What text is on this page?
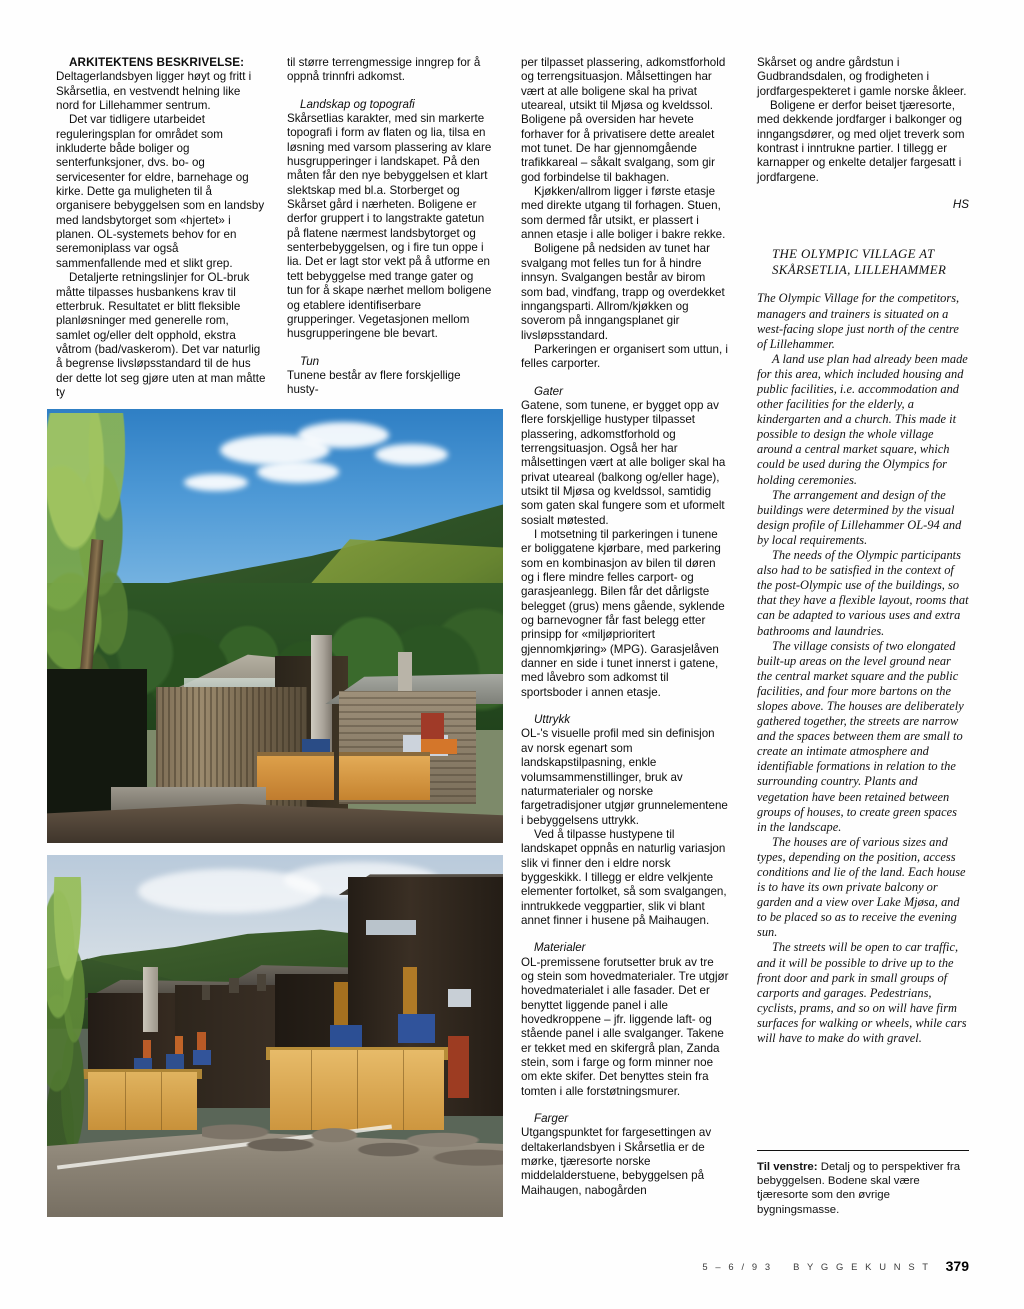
ARKITEKTENS BESKRIVELSE:

Deltagerlandsbyen ligger høyt og fritt i Skårsetlia, en vestvendt helning like nord for Lillehammer sentrum.

Det var tidligere utarbeidet reguleringsplan for området som inkluderte både boliger og senterfunksjoner, dvs. bo- og servicesenter for eldre, barnehage og kirke. Dette ga muligheten til å organisere bebyggelsen som en landsby med landsbytorget som «hjertet» i planen. OL-systemets behov for en seremoniplass var også sammenfallende med et slikt grep.

Detaljerte retningslinjer for OL-bruk måtte tilpasses husbankens krav til etterbruk. Resultatet er blitt fleksible planløsninger med generelle rom, samlet og/eller delt opphold, ekstra våtrom (bad/vaskerom). Det var naturlig å begrense livsløpsstandard til de hus der dette lot seg gjøre uten at man måtte ty

til større terrengmessige inngrep for å oppnå trinnfri adkomst.

Landskap og topografi

Skårsetlias karakter, med sin markerte topografi i form av flaten og lia, tilsa en løsning med varsom plassering av klare husgrupperinger i landskapet. På den måten får den nye bebyggelsen et klart slektskap med bl.a. Storberget og Skårset gård i nærheten. Boligene er derfor gruppert i to langstrakte gatetun på flatene nærmest landsbytorget og senterbebyggelsen, og i fire tun oppe i lia. Det er lagt stor vekt på å utforme en tett bebyggelse med trange gater og tun for å skape nærhet mellom boligene og etablere identifiserbare grupperinger. Vegetasjonen mellom husgrupperingene ble bevart.

Tun

Tunene består av flere forskjellige husty-

per tilpasset plassering, adkomstforhold og terrengsituasjon. Målsettingen har vært at alle boligene skal ha privat uteareal, utsikt til Mjøsa og kveldssol. Boligene på oversiden har hevete forhaver for å privatisere dette arealet mot tunet. De har gjennomgående trafikkareal – såkalt svalgang, som gir god forbindelse til bakhagen.

Kjøkken/allrom ligger i første etasje med direkte utgang til forhagen. Stuen, som dermed får utsikt, er plassert i annen etasje i alle boliger i bakre rekke.

Boligene på nedsiden av tunet har svalgang mot felles tun for å hindre innsyn. Svalgangen består av birom som bad, vindfang, trapp og overdekket inngangsparti. Allrom/kjøkken og soverom på inngangsplanet gir livsløpsstandard.

Parkeringen er organisert som uttun, i felles carporter.

Gater

Gatene, som tunene, er bygget opp av flere forskjellige hustyper tilpasset plassering, adkomstforhold og terrengsituasjon. Også her har målsettingen vært at alle boliger skal ha privat uteareal (balkong og/eller hage), utsikt til Mjøsa og kveldssol, samtidig som gaten skal fungere som et uformelt sosialt møtested.

I motsetning til parkeringen i tunene er boliggatene kjørbare, med parkering som en kombinasjon av bilen til døren og i flere mindre felles carport- og garasjeanlegg. Bilen får det dårligste belegget (grus) mens gående, syklende og barnevogner får fast belegg etter prinsipp for «miljøprioritert gjennomkjøring» (MPG). Garasjelåven danner en side i tunet innerst i gatene, med låvebro som adkomst til sportsboder i annen etasje.

Uttrykk

OL-'s visuelle profil med sin definisjon av norsk egenart som landskapstilpasning, enkle volumsammenstillinger, bruk av naturmaterialer og norske fargetradisjoner utgjør grunnelementene i bebyggelsens uttrykk.

Ved å tilpasse hustypene til landskapet oppnås en naturlig variasjon slik vi finner den i eldre norsk byggeskikk. I tillegg er eldre velkjente elementer fortolket, så som svalgangen, inntrukkede veggpartier, slik vi blant annet finner i husene på Maihaugen.

Materialer

OL-premissene forutsetter bruk av tre og stein som hovedmaterialer. Tre utgjør hovedmaterialet i alle fasader. Det er benyttet liggende panel i alle hovedkroppene – jfr. liggende laft- og stående panel i alle svalganger. Takene er tekket med en skifergrå plan, Zanda stein, som i farge og form minner noe om ekte skifer. Det benyttes stein fra tomten i alle forstøtningsmurer.

Farger

Utgangspunktet for fargesettingen av deltakerlandsbyen i Skårsetlia er de mørke, tjæresorte norske middelalderstuene, bebyggelsen på Maihaugen, nabogården

Skårset og andre gårdstun i Gudbrandsdalen, og frodigheten i jordfargespekteret i gamle norske åkleer.

Boligene er derfor beiset tjæresorte, med dekkende jordfarger i balkonger og inngangsdører, og med oljet treverk som kontrast i inntrukne partier. I tillegg er karnapper og enkelte detaljer fargesatt i jordfargene.

HS

THE OLYMPIC VILLAGE AT

SKÅRSETLIA, LILLEHAMMER

The Olympic Village for the competitors, managers and trainers is situated on a west-facing slope just north of the centre of Lillehammer.

A land use plan had already been made for this area, which included housing and public facilities, i.e. accommodation and other facilities for the elderly, a kindergarten and a church. This made it possible to design the whole village around a central market square, which could be used during the Olympics for holding ceremonies.

The arrangement and design of the buildings were determined by the visual design profile of Lillehammer OL-94 and by local requirements.

The needs of the Olympic participants also had to be satisfied in the context of the post-Olympic use of the buildings, so that they have a flexible layout, rooms that can be adapted to various uses and extra bathrooms and laundries.

The village consists of two elongated built-up areas on the level ground near the central market square and the public facilities, and four more bartons on the slopes above. The houses are deliberately gathered together, the streets are narrow and the spaces between them are small to create an intimate atmosphere and identifiable formations in relation to the surrounding country. Plants and vegetation have been retained between groups of houses, to create green spaces in the landscape.

The houses are of various sizes and types, depending on the position, access conditions and lie of the land. Each house is to have its own private balcony or garden and a view over Lake Mjøsa, and to be placed so as to receive the evening sun.

The streets will be open to car traffic, and it will be possible to drive up to the front door and park in small groups of carports and garages. Pedestrians, cyclists, prams, and so on will have firm surfaces for walking or wheels, while cars will have to make do with gravel.

Til venstre: Detalj og to perspektiver fra bebyggelsen. Bodene skal være tjæresorte som den øvrige bygningsmasse.
5 – 6 / 9 3 B Y G G E K U N S T 379
